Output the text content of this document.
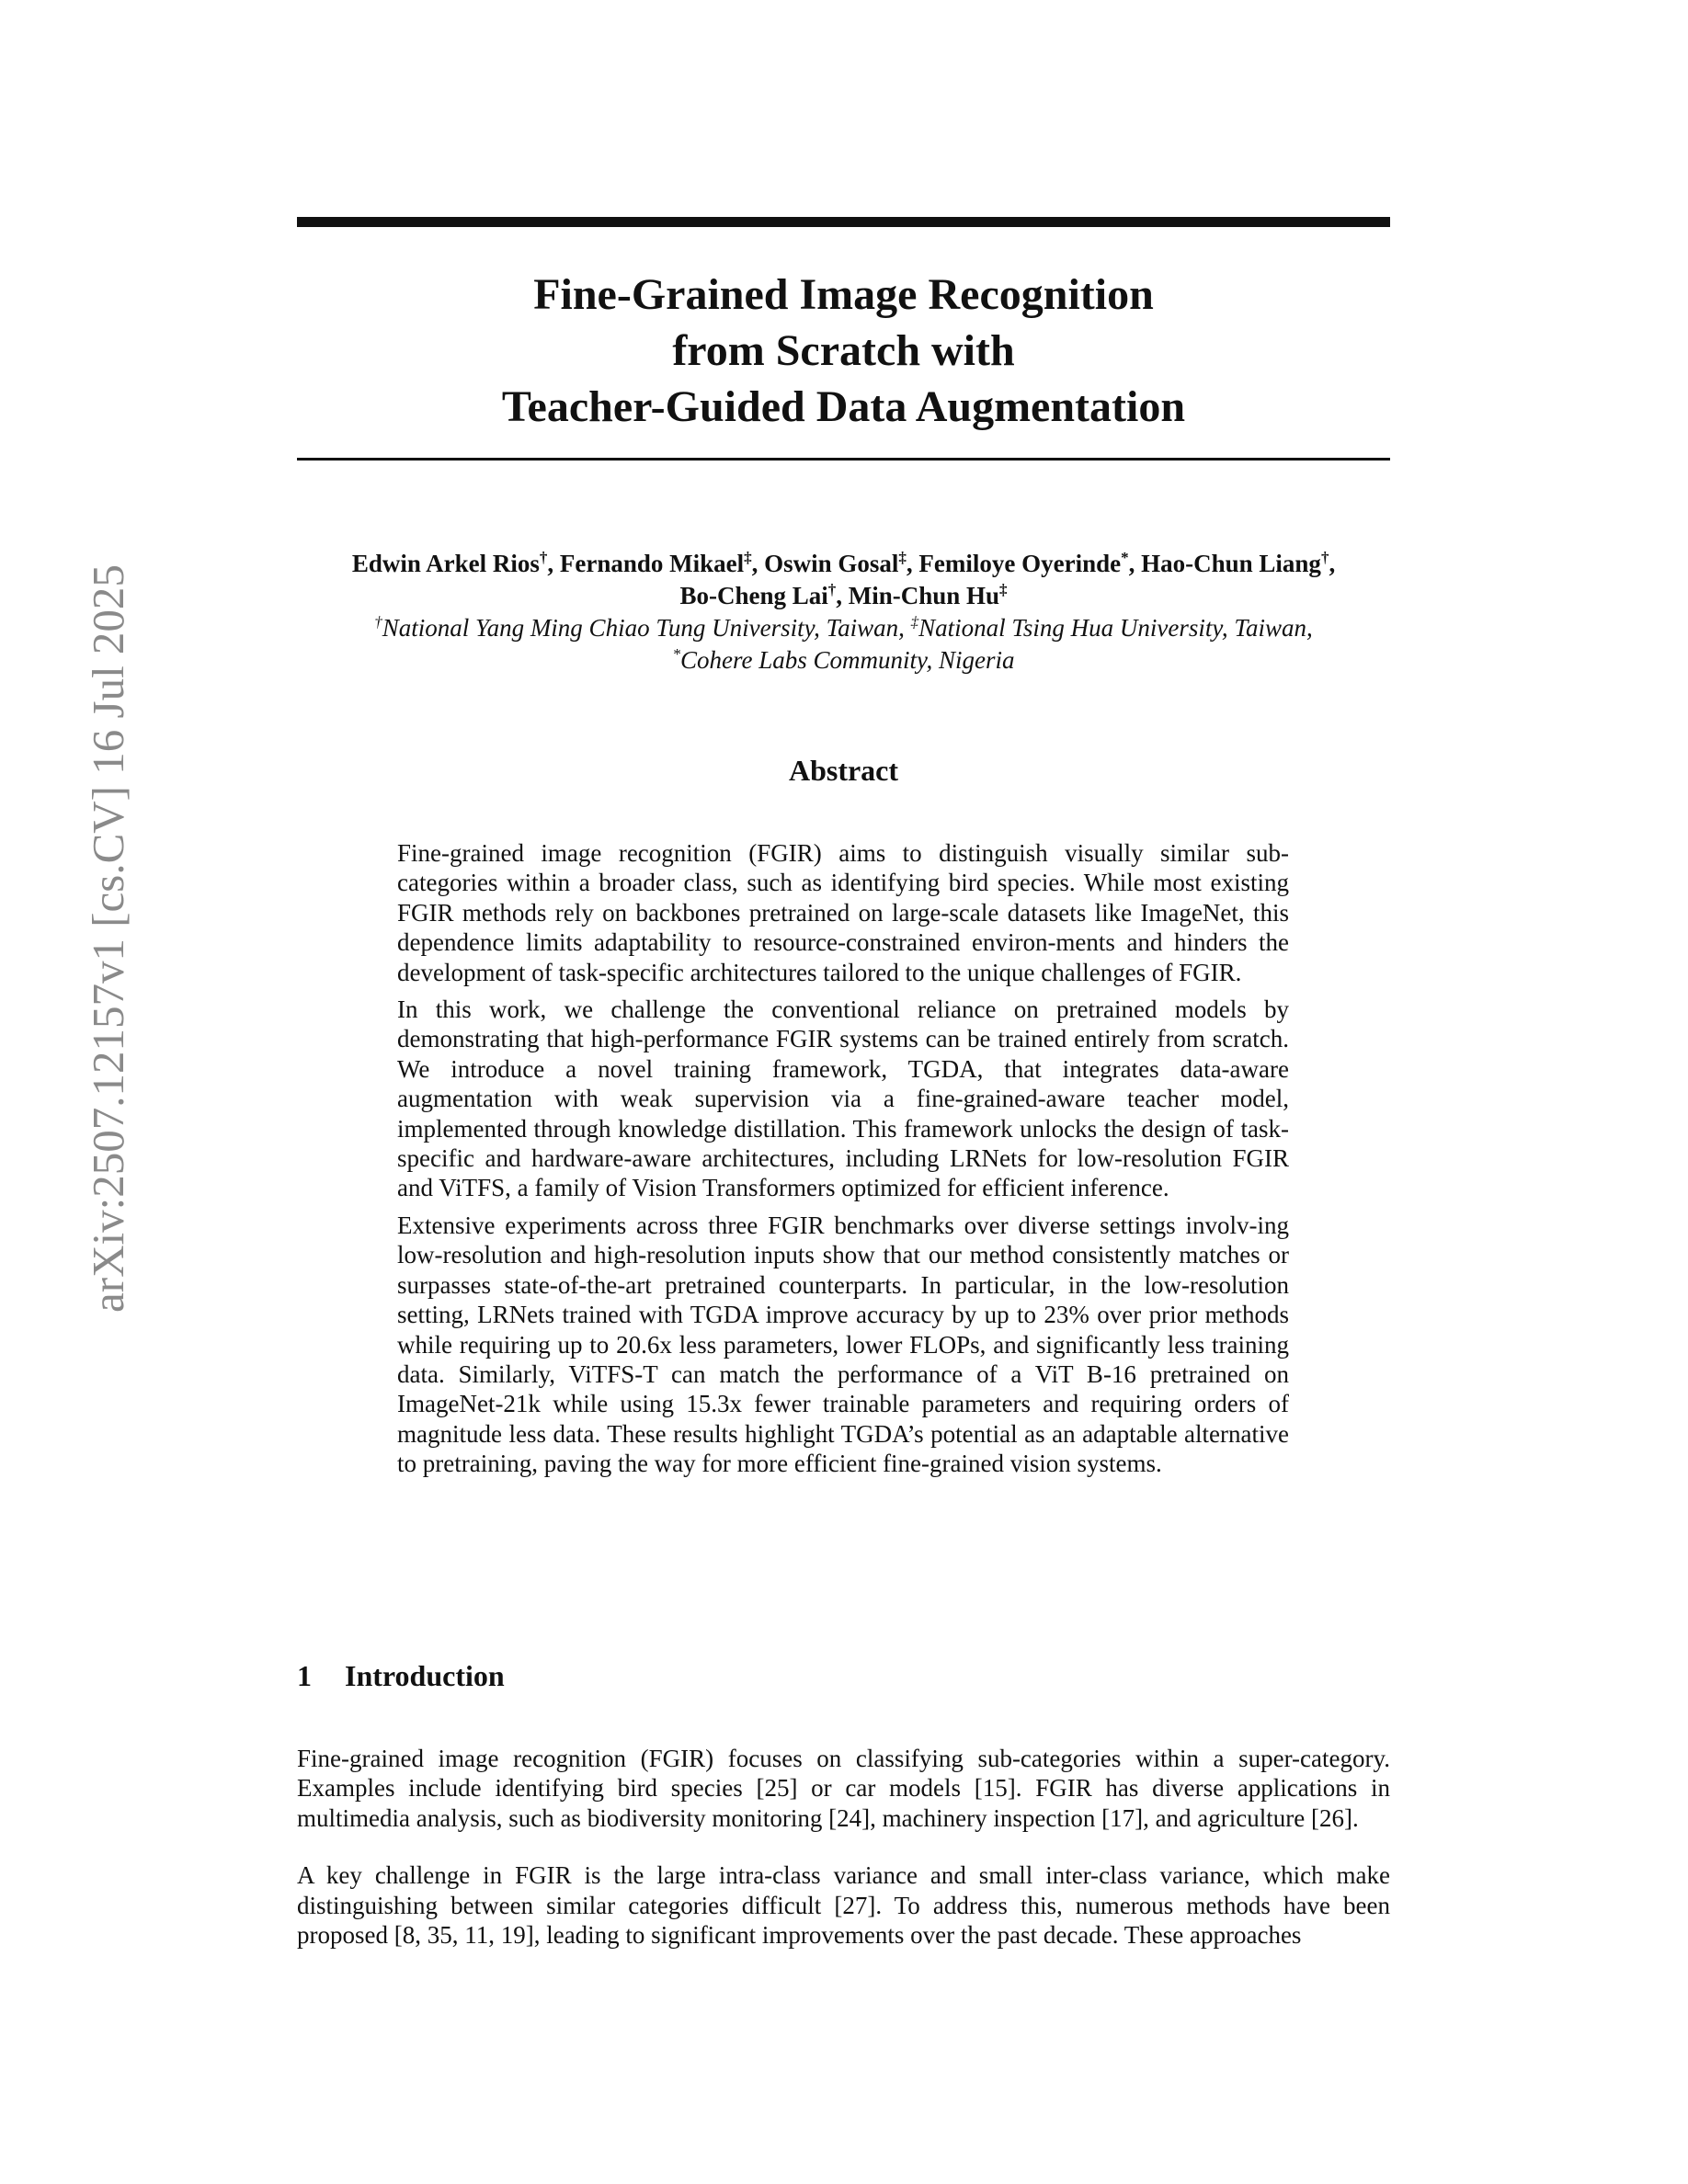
arXiv:2507.12157v1 [cs.CV] 16 Jul 2025
Fine-Grained Image Recognition
from Scratch with
Teacher-Guided Data Augmentation
Edwin Arkel Rios†, Fernando Mikael‡, Oswin Gosal‡, Femiloye Oyerinde*, Hao-Chun Liang†,
Bo-Cheng Lai†, Min-Chun Hu‡
†National Yang Ming Chiao Tung University, Taiwan, ‡National Tsing Hua University, Taiwan,
*Cohere Labs Community, Nigeria
Abstract

Fine-grained image recognition (FGIR) aims to distinguish visually similar sub-categories within a broader class, such as identifying bird species. While most existing FGIR methods rely on backbones pretrained on large-scale datasets like ImageNet, this dependence limits adaptability to resource-constrained environ-ments and hinders the development of task-specific architectures tailored to the unique challenges of FGIR.

In this work, we challenge the conventional reliance on pretrained models by demonstrating that high-performance FGIR systems can be trained entirely from scratch. We introduce a novel training framework, TGDA, that integrates data-aware augmentation with weak supervision via a fine-grained-aware teacher model, implemented through knowledge distillation. This framework unlocks the design of task-specific and hardware-aware architectures, including LRNets for low-resolution FGIR and ViTFS, a family of Vision Transformers optimized for efficient inference.

Extensive experiments across three FGIR benchmarks over diverse settings involv-ing low-resolution and high-resolution inputs show that our method consistently matches or surpasses state-of-the-art pretrained counterparts. In particular, in the low-resolution setting, LRNets trained with TGDA improve accuracy by up to 23% over prior methods while requiring up to 20.6x less parameters, lower FLOPs, and significantly less training data. Similarly, ViTFS-T can match the performance of a ViT B-16 pretrained on ImageNet-21k while using 15.3x fewer trainable parameters and requiring orders of magnitude less data. These results highlight TGDA’s potential as an adaptable alternative to pretraining, paving the way for more efficient fine-grained vision systems.

1 Introduction

Fine-grained image recognition (FGIR) focuses on classifying sub-categories within a super-category. Examples include identifying bird species [25] or car models [15]. FGIR has diverse applications in multimedia analysis, such as biodiversity monitoring [24], machinery inspection [17], and agriculture [26].

A key challenge in FGIR is the large intra-class variance and small inter-class variance, which make distinguishing between similar categories difficult [27]. To address this, numerous methods have been proposed [8, 35, 11, 19], leading to significant improvements over the past decade. These approaches
